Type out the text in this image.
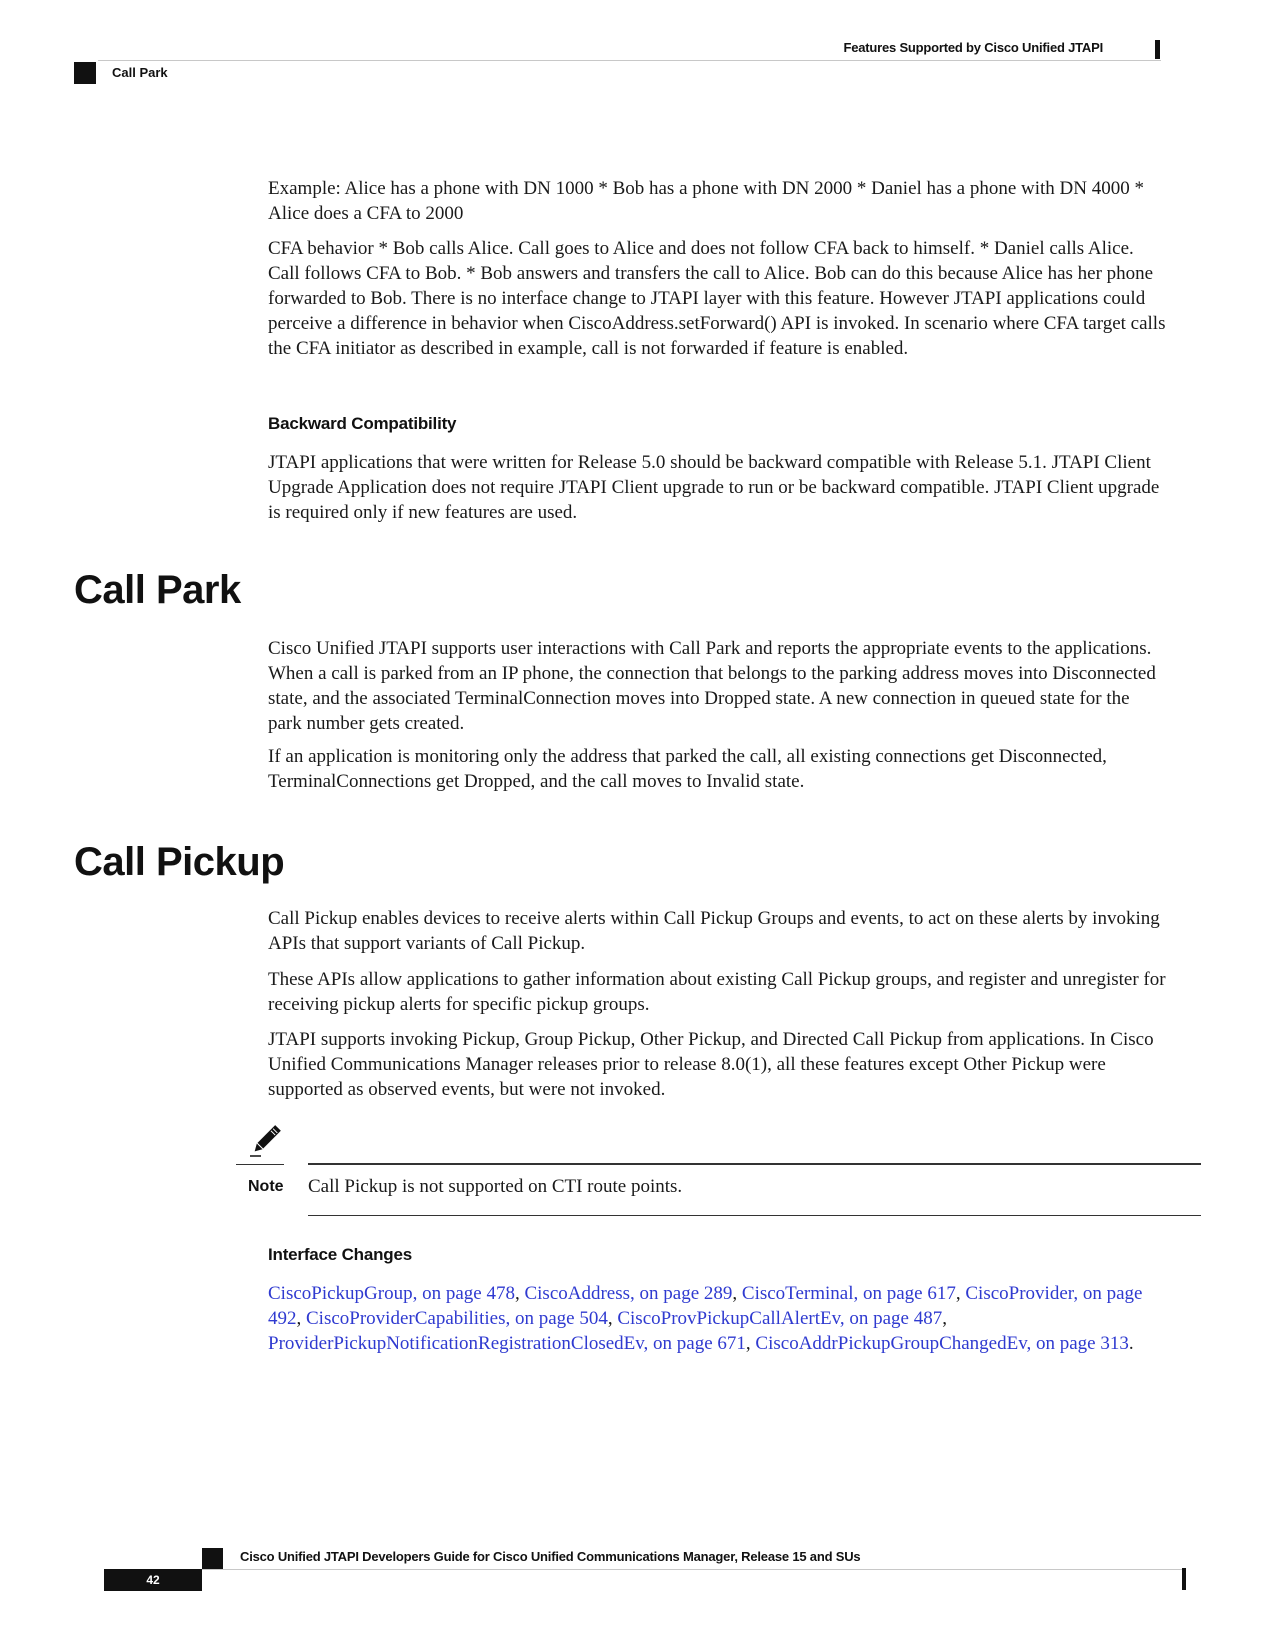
Features Supported by Cisco Unified JTAPI
Call Park

Example: Alice has a phone with DN 1000 * Bob has a phone with DN 2000 * Daniel has a phone with DN 4000 * Alice does a CFA to 2000

CFA behavior * Bob calls Alice. Call goes to Alice and does not follow CFA back to himself. * Daniel calls Alice. Call follows CFA to Bob. * Bob answers and transfers the call to Alice. Bob can do this because Alice has her phone forwarded to Bob. There is no interface change to JTAPI layer with this feature. However JTAPI applications could perceive a difference in behavior when CiscoAddress.setForward() API is invoked. In scenario where CFA target calls the CFA initiator as described in example, call is not forwarded if feature is enabled.

Backward Compatibility

JTAPI applications that were written for Release 5.0 should be backward compatible with Release 5.1. JTAPI Client Upgrade Application does not require JTAPI Client upgrade to run or be backward compatible. JTAPI Client upgrade is required only if new features are used.

Call Park

Cisco Unified JTAPI supports user interactions with Call Park and reports the appropriate events to the applications. When a call is parked from an IP phone, the connection that belongs to the parking address moves into Disconnected state, and the associated TerminalConnection moves into Dropped state. A new connection in queued state for the park number gets created.

If an application is monitoring only the address that parked the call, all existing connections get Disconnected, TerminalConnections get Dropped, and the call moves to Invalid state.

Call Pickup

Call Pickup enables devices to receive alerts within Call Pickup Groups and events, to act on these alerts by invoking APIs that support variants of Call Pickup.

These APIs allow applications to gather information about existing Call Pickup groups, and register and unregister for receiving pickup alerts for specific pickup groups.

JTAPI supports invoking Pickup, Group Pickup, Other Pickup, and Directed Call Pickup from applications. In Cisco Unified Communications Manager releases prior to release 8.0(1), all these features except Other Pickup were supported as observed events, but were not invoked.

Note Call Pickup is not supported on CTI route points.
Interface Changes

CiscoPickupGroup, on page 478, CiscoAddress, on page 289, CiscoTerminal, on page 617, CiscoProvider, on page 492, CiscoProviderCapabilities, on page 504, CiscoProvPickupCallAlertEv, on page 487, ProviderPickupNotificationRegistrationClosedEv, on page 671, CiscoAddrPickupGroupChangedEv, on page 313.

Cisco Unified JTAPI Developers Guide for Cisco Unified Communications Manager, Release 15 and SUs
42
